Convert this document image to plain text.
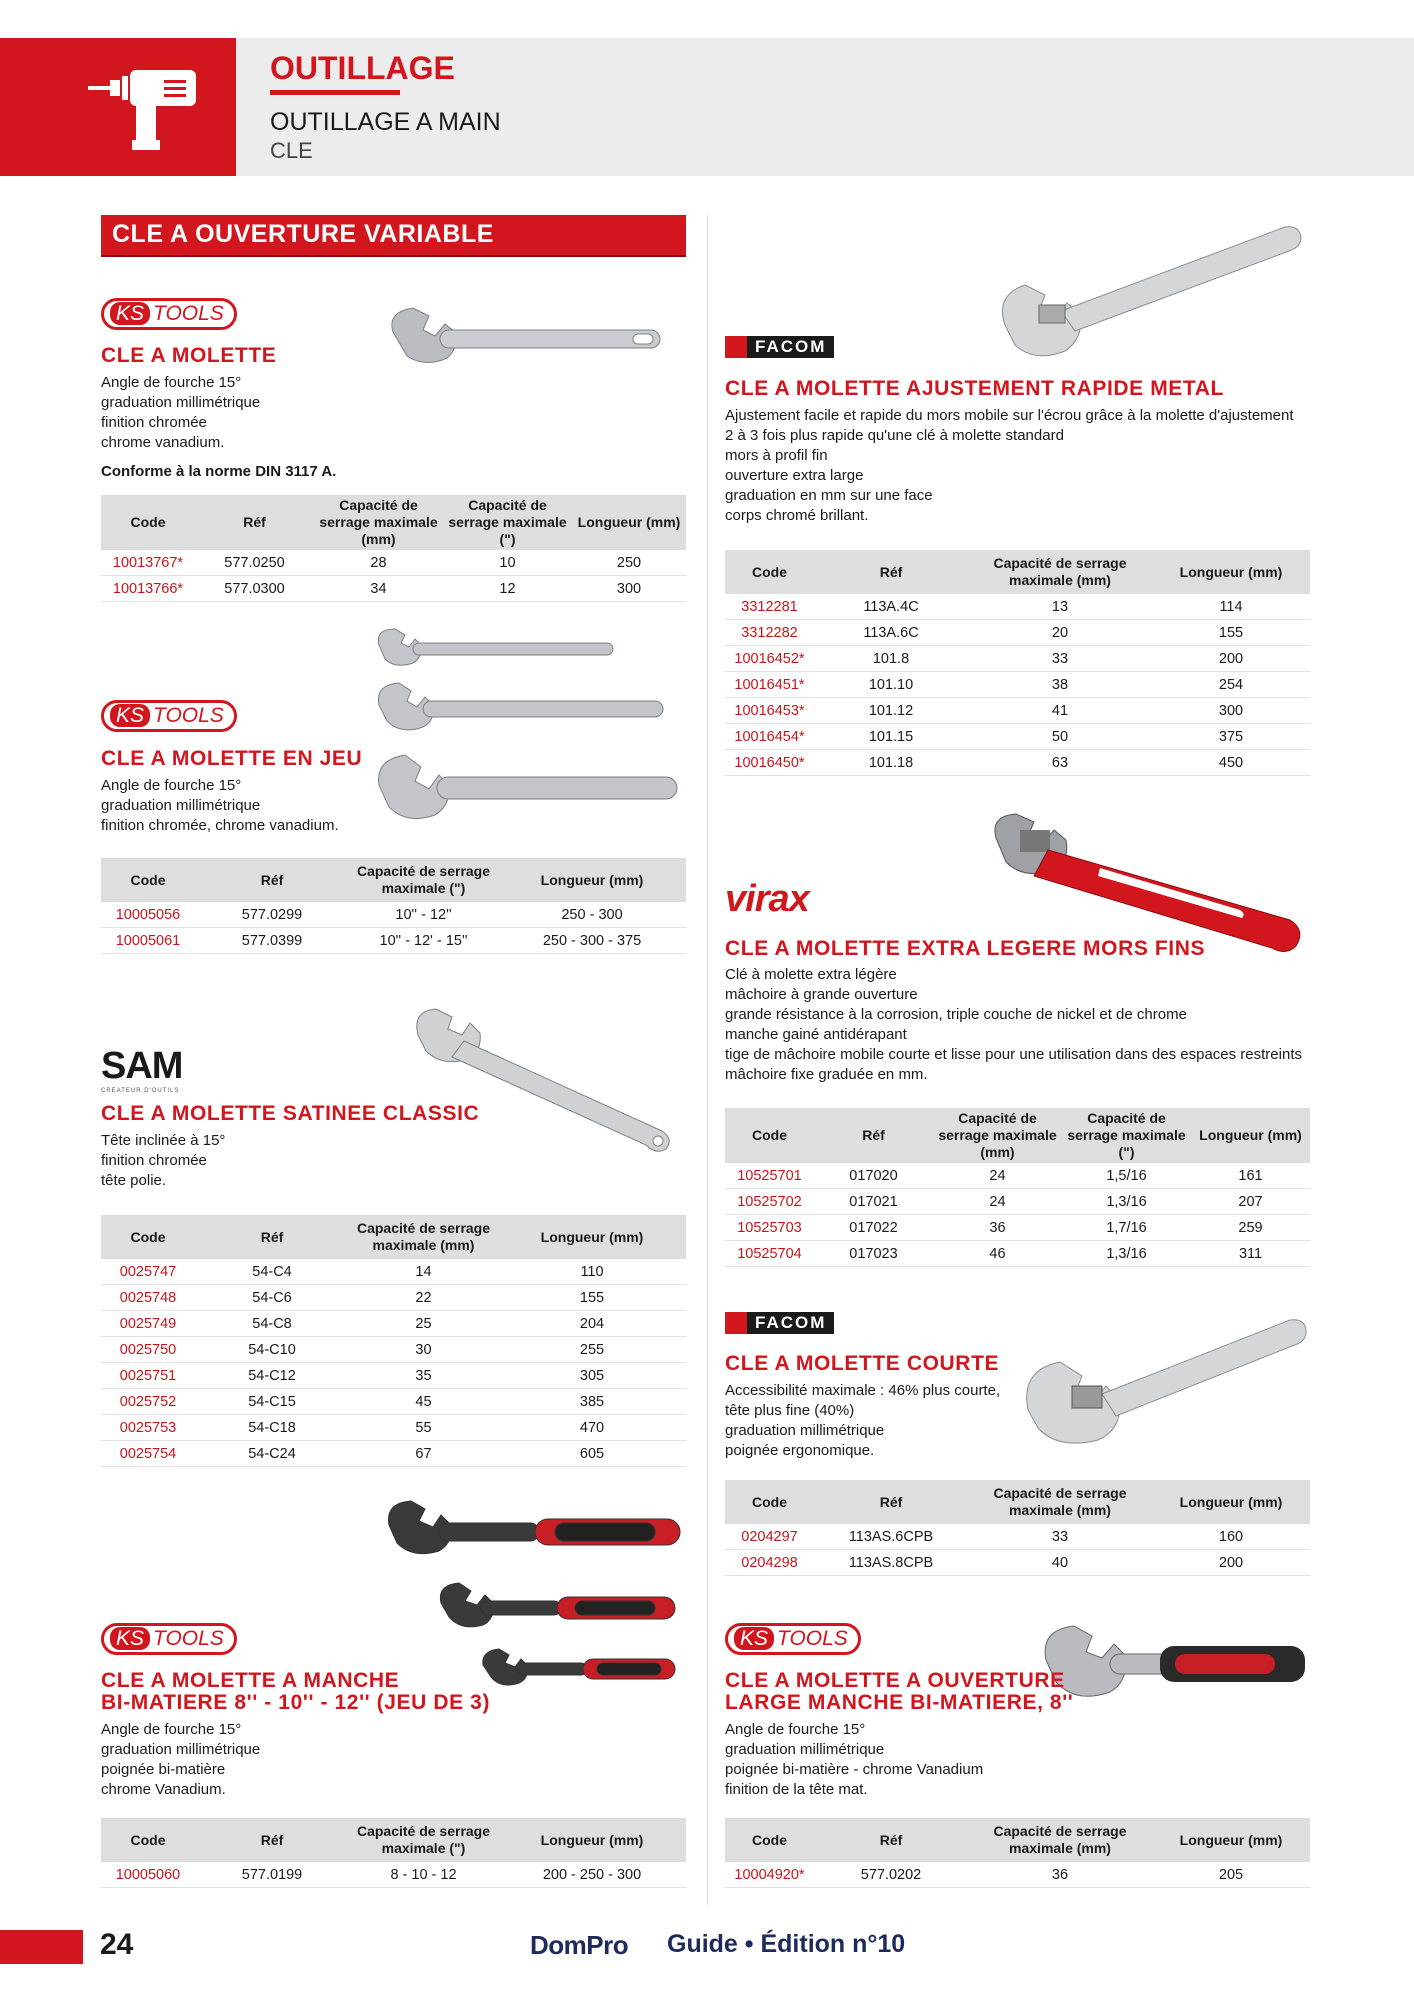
OUTILLAGE
OUTILLAGE A MAIN
CLE
CLE A OUVERTURE VARIABLE
KS TOOLS
CLE A MOLETTE
Angle de fourche 15°
graduation millimétrique
finition chromée
chrome vanadium.
Conforme à la norme DIN 3117 A.
Code	Réf	Capacité de serrage maximale (mm)	Capacité de serrage maximale (")	Longueur (mm)
10013767*	577.0250	28	10	250
10013766*	577.0300	34	12	300
KS TOOLS
CLE A MOLETTE EN JEU
Angle de fourche 15°
graduation millimétrique
finition chromée, chrome vanadium.
Code	Réf	Capacité de serrage maximale (")	Longueur (mm)
10005056	577.0299	10'' - 12''	250 - 300
10005061	577.0399	10'' - 12' - 15''	250 - 300 - 375
SAM
CREATEUR D'OUTILS
CLE A MOLETTE SATINEE CLASSIC
Tête inclinée à 15°
finition chromée
tête polie.
Code	Réf	Capacité de serrage maximale (mm)	Longueur (mm)
0025747	54-C4	14	110
0025748	54-C6	22	155
0025749	54-C8	25	204
0025750	54-C10	30	255
0025751	54-C12	35	305
0025752	54-C15	45	385
0025753	54-C18	55	470
0025754	54-C24	67	605
KS TOOLS
CLE A MOLETTE A MANCHE
BI-MATIERE 8'' - 10'' - 12'' (JEU DE 3)
Angle de fourche 15°
graduation millimétrique
poignée bi-matière
chrome Vanadium.
Code	Réf	Capacité de serrage maximale (")	Longueur (mm)
10005060	577.0199	8 - 10 - 12	200 - 250 - 300
FACOM
CLE A MOLETTE AJUSTEMENT RAPIDE METAL
Ajustement facile et rapide du mors mobile sur l'écrou grâce à la molette d'ajustement
2 à 3 fois plus rapide qu'une clé à molette standard
mors à profil fin
ouverture extra large
graduation en mm sur une face
corps chromé brillant.
Code	Réf	Capacité de serrage maximale (mm)	Longueur (mm)
3312281	113A.4C	13	114
3312282	113A.6C	20	155
10016452*	101.8	33	200
10016451*	101.10	38	254
10016453*	101.12	41	300
10016454*	101.15	50	375
10016450*	101.18	63	450
virax
CLE A MOLETTE EXTRA LEGERE MORS FINS
Clé à molette extra légère
mâchoire à grande ouverture
grande résistance à la corrosion, triple couche de nickel et de chrome
manche gainé antidérapant
tige de mâchoire mobile courte et lisse pour une utilisation dans des espaces restreints
mâchoire fixe graduée en mm.
Code	Réf	Capacité de serrage maximale (mm)	Capacité de serrage maximale (")	Longueur (mm)
10525701	017020	24	1,5/16	161
10525702	017021	24	1,3/16	207
10525703	017022	36	1,7/16	259
10525704	017023	46	1,3/16	311
FACOM
CLE A MOLETTE COURTE
Accessibilité maximale : 46% plus courte,
tête plus fine (40%)
graduation millimétrique
poignée ergonomique.
Code	Réf	Capacité de serrage maximale (mm)	Longueur (mm)
0204297	113AS.6CPB	33	160
0204298	113AS.8CPB	40	200
KS TOOLS
CLE A MOLETTE A OUVERTURE
LARGE MANCHE BI-MATIERE, 8''
Angle de fourche 15°
graduation millimétrique
poignée bi-matière - chrome Vanadium
finition de la tête mat.
Code	Réf	Capacité de serrage maximale (mm)	Longueur (mm)
10004920*	577.0202	36	205
24	DomPro Guide • Édition n°10
